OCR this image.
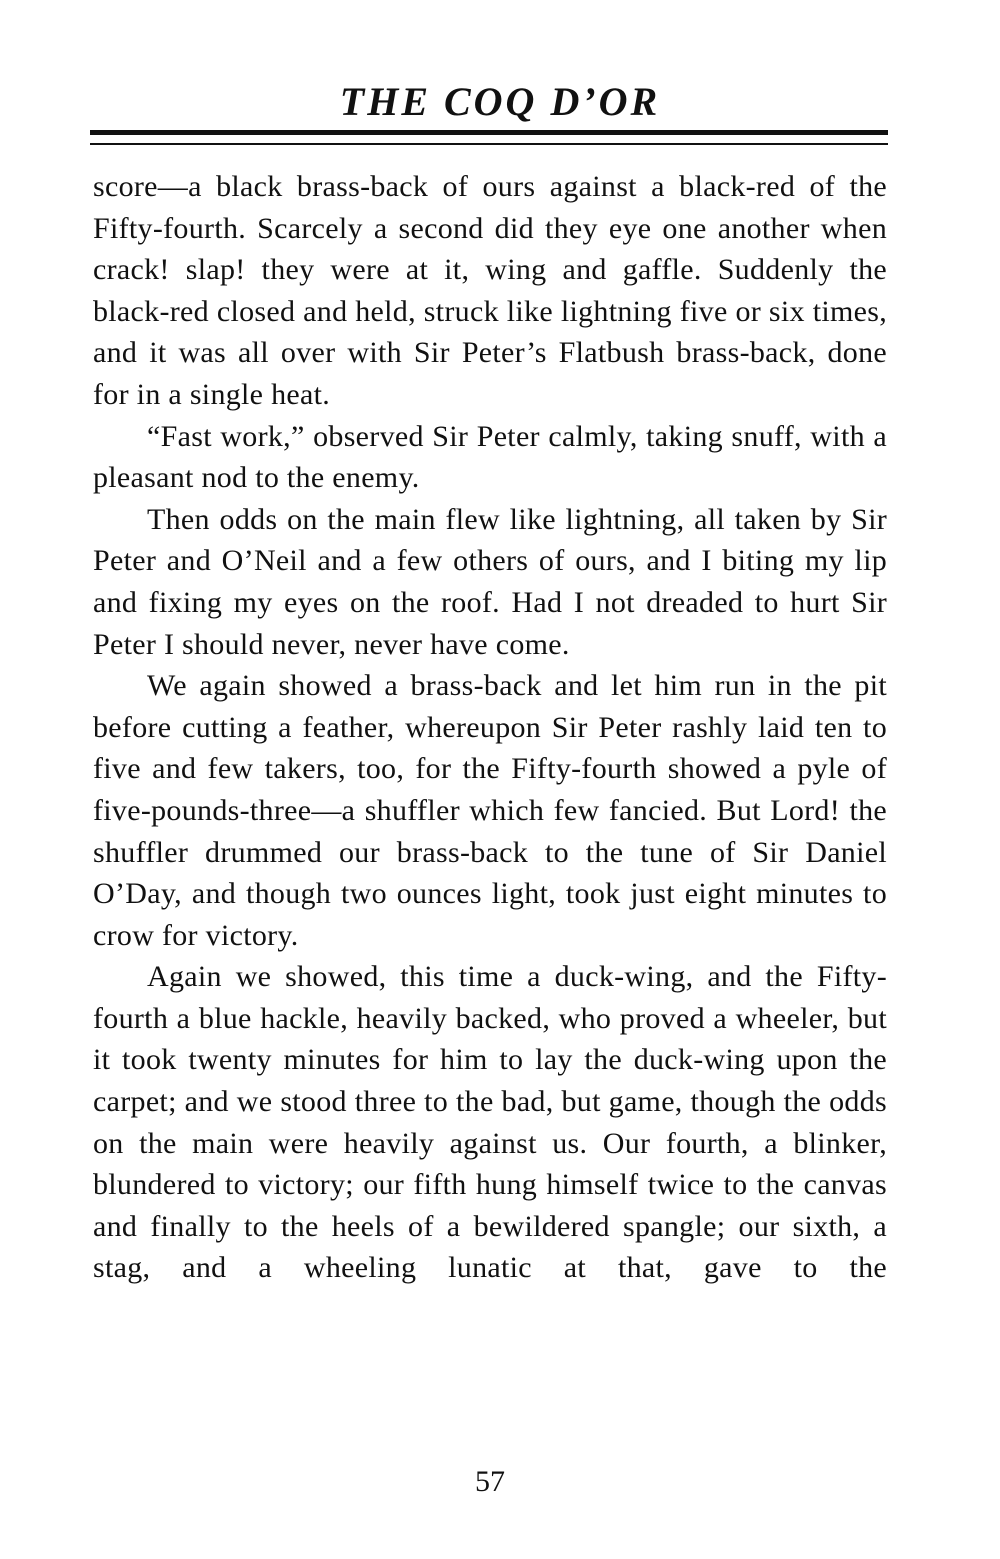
THE COQ D’OR

score—a black brass-back of ours against a black-red of the Fifty-fourth. Scarcely a second did they eye one another when crack! slap! they were at it, wing and gaffle. Suddenly the black-red closed and held, struck like lightning five or six times, and it was all over with Sir Peter’s Flatbush brass-back, done for in a single heat.

“Fast work,” observed Sir Peter calmly, taking snuff, with a pleasant nod to the enemy.

Then odds on the main flew like lightning, all taken by Sir Peter and O’Neil and a few others of ours, and I biting my lip and fixing my eyes on the roof. Had I not dreaded to hurt Sir Peter I should never, never have come.

We again showed a brass-back and let him run in the pit before cutting a feather, whereupon Sir Peter rashly laid ten to five and few takers, too, for the Fifty-fourth showed a pyle of five-pounds-three—a shuffler which few fancied. But Lord! the shuffler drummed our brass-back to the tune of Sir Daniel O’Day, and though two ounces light, took just eight minutes to crow for victory.

Again we showed, this time a duck-wing, and the Fifty-fourth a blue hackle, heavily backed, who proved a wheeler, but it took twenty minutes for him to lay the duck-wing upon the carpet; and we stood three to the bad, but game, though the odds on the main were heavily against us. Our fourth, a blinker, blundered to victory; our fifth hung himself twice to the canvas and finally to the heels of a bewildered spangle; our sixth, a stag, and a wheeling lunatic at that, gave to the

57
